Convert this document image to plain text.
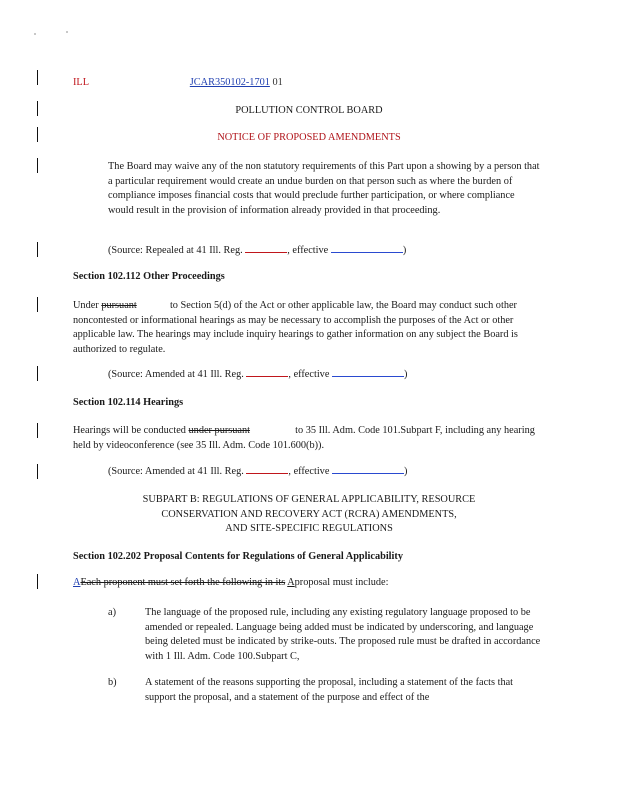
ILL	JCAR350102-1701 01
POLLUTION CONTROL BOARD
NOTICE OF PROPOSED AMENDMENTS
The Board may waive any of the non statutory requirements of this Part upon a showing by a person that a particular requirement would create an undue burden on that person such as where the burden of compliance imposes financial costs that would preclude further participation, or where compliance would result in the provision of information already provided in that proceeding.
(Source: Repealed at 41 Ill. Reg.	, effective	)
Section 102.112 Other Proceedings
Under pursuant	to Section 5(d) of the Act or other applicable law, the Board may conduct such other noncontested or informational hearings as may be necessary to accomplish the purposes of the Act or other applicable law. The hearings may include inquiry hearings to gather information on any subject the Board is authorized to regulate.
(Source: Amended at 41 Ill. Reg.	, effective	)
Section 102.114 Hearings
Hearings will be conducted under pursuant	to 35 Ill. Adm. Code 101.Subpart F, including any hearing held by videoconference (see 35 Ill. Adm. Code 101.600(b)).
(Source: Amended at 41 Ill. Reg.	, effective	)
SUBPART B: REGULATIONS OF GENERAL APPLICABILITY, RESOURCE
CONSERVATION AND RECOVERY ACT (RCRA) AMENDMENTS,
AND SITE-SPECIFIC REGULATIONS
Section 102.202 Proposal Contents for Regulations of General Applicability
AEach proponent must set forth the following in its Aproposal must include:
a)	The language of the proposed rule, including any existing regulatory language proposed to be amended or repealed. Language being added must be indicated by underscoring, and language being deleted must be indicated by strike-outs. The proposed rule must be drafted in accordance with 1 Ill. Adm. Code 100.Subpart C,
b)	A statement of the reasons supporting the proposal, including a statement of the facts that support the proposal, and a statement of the purpose and effect of the
